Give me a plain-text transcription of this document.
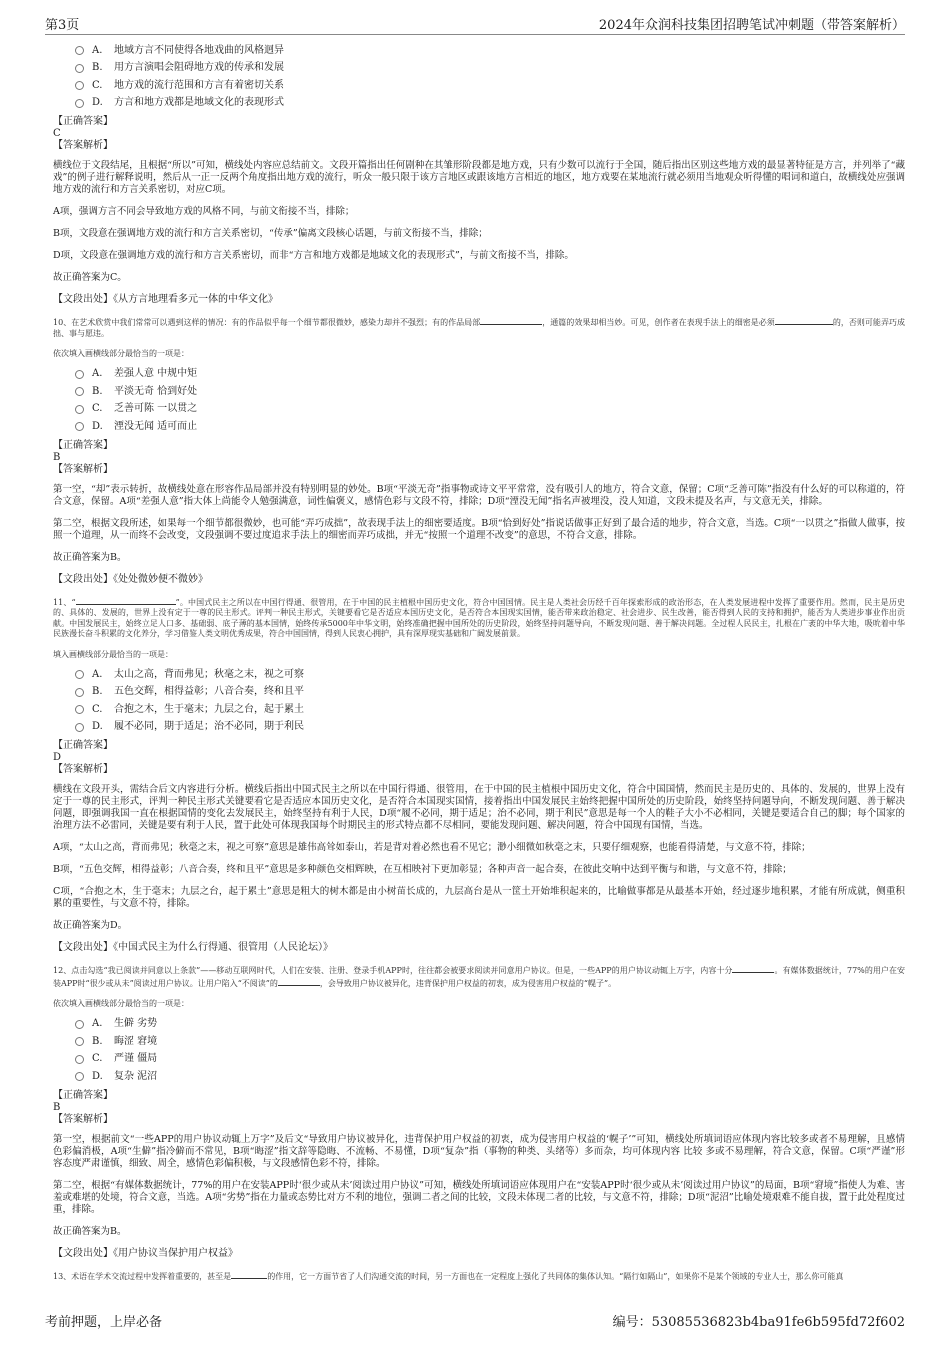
第3页	2024年众润科技集团招聘笔试冲刺题（带答案解析）
A.	地域方言不同使得各地戏曲的风格迥异
B.	用方言演唱会阻碍地方戏的传承和发展
C.	地方戏的流行范围和方言有着密切关系
D.	方言和地方戏都是地域文化的表现形式
【正确答案】
C
【答案解析】

横线位于文段结尾，且根据“所以”可知，横线处内容应总结前文。文段开篇指出任何剧种在其雏形阶段都是地方戏，只有少数可以流行于全国，随后指出区别这些地方戏的最显著特征是方言，并列举了“藏戏”的例子进行解释说明，然后从一正一反两个角度指出地方戏的流行，听众一般只限于该方言地区或跟该地方言相近的地区，地方戏要在某地流行就必须用当地观众听得懂的唱词和道白，故横线处应强调地方戏的流行和方言关系密切，对应C项。

A项，强调方言不同会导致地方戏的风格不同，与前文衔接不当，排除；

B项，文段意在强调地方戏的流行和方言关系密切，“传承”偏离文段核心话题，与前文衔接不当，排除；

D项，文段意在强调地方戏的流行和方言关系密切，而非“方言和地方戏都是地域文化的表现形式”，与前文衔接不当，排除。

故正确答案为C。

【文段出处】《从方言地理看多元一体的中华文化》

10、在艺术欣赏中我们常常可以遇到这样的情况：有的作品似乎每一个细节都很微妙，感染力却并不强烈；有的作品局部	，通篇的效果却相当妙。可见，创作者在表现手法上的细密是必须	的，否则可能弄巧成拙、事与愿违。

依次填入画横线部分最恰当的一项是：

A.	差强人意 中规中矩
B.	平淡无奇 恰到好处
C.	乏善可陈 一以贯之
D.	湮没无闻 适可而止
【正确答案】
B
【答案解析】

第一空，“却”表示转折，故横线处意在形容作品局部并没有特别明显的妙处。B项“平淡无奇”指事物或诗文平平常常，没有吸引人的地方，符合文意，保留；C项“乏善可陈”指没有什么好的可以称道的，符合文意，保留。A项“差强人意”指大体上尚能令人勉强满意，词性偏褒义，感情色彩与文段不符，排除；D项“湮没无闻”指名声被埋没，没人知道，文段未提及名声，与文意无关，排除。

第二空，根据文段所述，如果每一个细节都很微妙，也可能“弄巧成拙”，故表现手法上的细密要适度。B项“恰到好处”指说话做事正好到了最合适的地步，符合文意，当选。C项“一以贯之”指做人做事，按照一个道理，从一而终不会改变，文段强调不要过度追求手法上的细密而弄巧成拙，并无“按照一个道理不改变”的意思，不符合文意，排除。

故正确答案为B。

【文段出处】《处处微妙便不微妙》

11、“	”。中国式民主之所以在中国行得通、很管用，在于中国的民主植根中国历史文化，符合中国国情。民主是人类社会历经千百年探索形成的政治形态，在人类发展进程中发挥了重要作用。然而，民主是历史的、具体的、发展的，世界上没有定于一尊的民主形式。评判一种民主形式，关键要看它是否适应本国历史文化，是否符合本国现实国情，能否带来政治稳定、社会进步、民生改善，能否得到人民的支持和拥护，能否为人类进步事业作出贡献。中国发展民主，始终立足人口多、基础弱、底子薄的基本国情，始终传承5000年中华文明，始终准确把握中国所处的历史阶段，始终坚持问题导向，不断发现问题、善于解决问题。全过程人民民主，扎根在广袤的中华大地，吸吮着中华民族漫长奋斗积累的文化养分，学习借鉴人类文明优秀成果，符合中国国情，得到人民衷心拥护，具有深厚现实基础和广阔发展前景。

填入画横线部分最恰当的一项是：

A.	太山之高，背而弗见；秋毫之末，视之可察
B.	五色交辉，相得益彰；八音合奏，终和且平
C.	合抱之木，生于毫末；九层之台，起于累土
D.	履不必同，期于适足；治不必同，期于利民
【正确答案】
D
【答案解析】

横线在文段开头，需结合后文内容进行分析。横线后指出中国式民主之所以在中国行得通、很管用，在于中国的民主植根中国历史文化，符合中国国情，然而民主是历史的、具体的、发展的，世界上没有定于一尊的民主形式，评判一种民主形式关键要看它是否适应本国历史文化，是否符合本国现实国情，接着指出中国发展民主始终把握中国所处的历史阶段，始终坚持问题导向，不断发现问题、善于解决问题，即强调我国一直在根据国情的变化去发展民主，始终坚持有利于人民，D项“履不必同，期于适足；治不必同，期于利民”意思是每一个人的鞋子大小不必相同，关键是要适合自己的脚；每个国家的治理方法不必雷同，关键是要有利于人民，置于此处可体现我国每个时期民主的形式特点都不尽相同，要能发现问题、解决问题，符合中国现有国情，当选。

A项，“太山之高，背而弗见；秋毫之末，视之可察”意思是雄伟高耸如泰山，若是背对着必然也看不见它；渺小细微如秋毫之末，只要仔细观察，也能看得清楚，与文意不符，排除；

B项，“五色交辉，相得益彰；八音合奏，终和且平”意思是多种颜色交相辉映，在互相映衬下更加彰显；各种声音一起合奏，在彼此交响中达到平衡与和谐，与文意不符，排除；

C项，“合抱之木，生于毫末；九层之台，起于累土”意思是粗大的树木都是由小树苗长成的，九层高台是从一筐土开始堆积起来的，比喻做事都是从最基本开始，经过逐步地积累，才能有所成就，侧重积累的重要性，与文意不符，排除。

故正确答案为D。

【文段出处】《中国式民主为什么行得通、很管用（人民论坛）》

12、点击勾选“我已阅读并同意以上条款”——移动互联网时代，人们在安装、注册、登录手机APP时，往往都会被要求阅读并同意用户协议。但是，一些APP的用户协议动辄上万字，内容十分	。有媒体数据统计，77%的用户在安装APP时“很少或从未”阅读过用户协议。让用户陷入“不阅读”的	，会导致用户协议被异化，违背保护用户权益的初衷，成为侵害用户权益的“幌子”。

依次填入画横线部分最恰当的一项是：

A.	生僻 劣势
B.	晦涩 窘境
C.	严谨 僵局
D.	复杂 泥沼
【正确答案】
B
【答案解析】

第一空，根据前文“一些APP的用户协议动辄上万字”及后文“导致用户协议被异化，违背保护用户权益的初衷，成为侵害用户权益的‘幌子’”可知，横线处所填词语应体现内容比较多或者不易理解，且感情色彩偏消极，A项“生僻”指冷僻而不常见，B项“晦涩”指文辞等隐晦、不流畅、不易懂，D项“复杂”指（事物的种类、头绪等）多而杂，均可体现内容 比较 多或不易理解，符合文意，保留。C项“严谨”形容态度严肃谨慎，细致、周全，感情色彩偏积极，与文段感情色彩不符，排除。

第二空，根据“有媒体数据统计，77%的用户在安装APP时‘很少或从未’阅读过用户协议”可知，横线处所填词语应体现用户在“安装APP时‘很少或从未’阅读过用户协议”的局面，B项“窘境”指使人为难、害羞或难堪的处境，符合文意，当选。A项“劣势”指在力量或态势比对方不利的地位，强调二者之间的比较，文段未体现二者的比较，与文意不符，排除；D项“泥沼”比喻处境艰难不能自拔，置于此处程度过重，排除。

故正确答案为B。

【文段出处】《用户协议当保护用户权益》

13、术语在学术交流过程中发挥着重要的，甚至是	的作用，它一方面节省了人们沟通交流的时间，另一方面也在一定程度上强化了共同体的集体认知。“隔行如隔山”，如果你不是某个领域的专业人士，那么你可能真

考前押题，上岸必备	编号：53085536823b4ba91fe6b595fd72f602
